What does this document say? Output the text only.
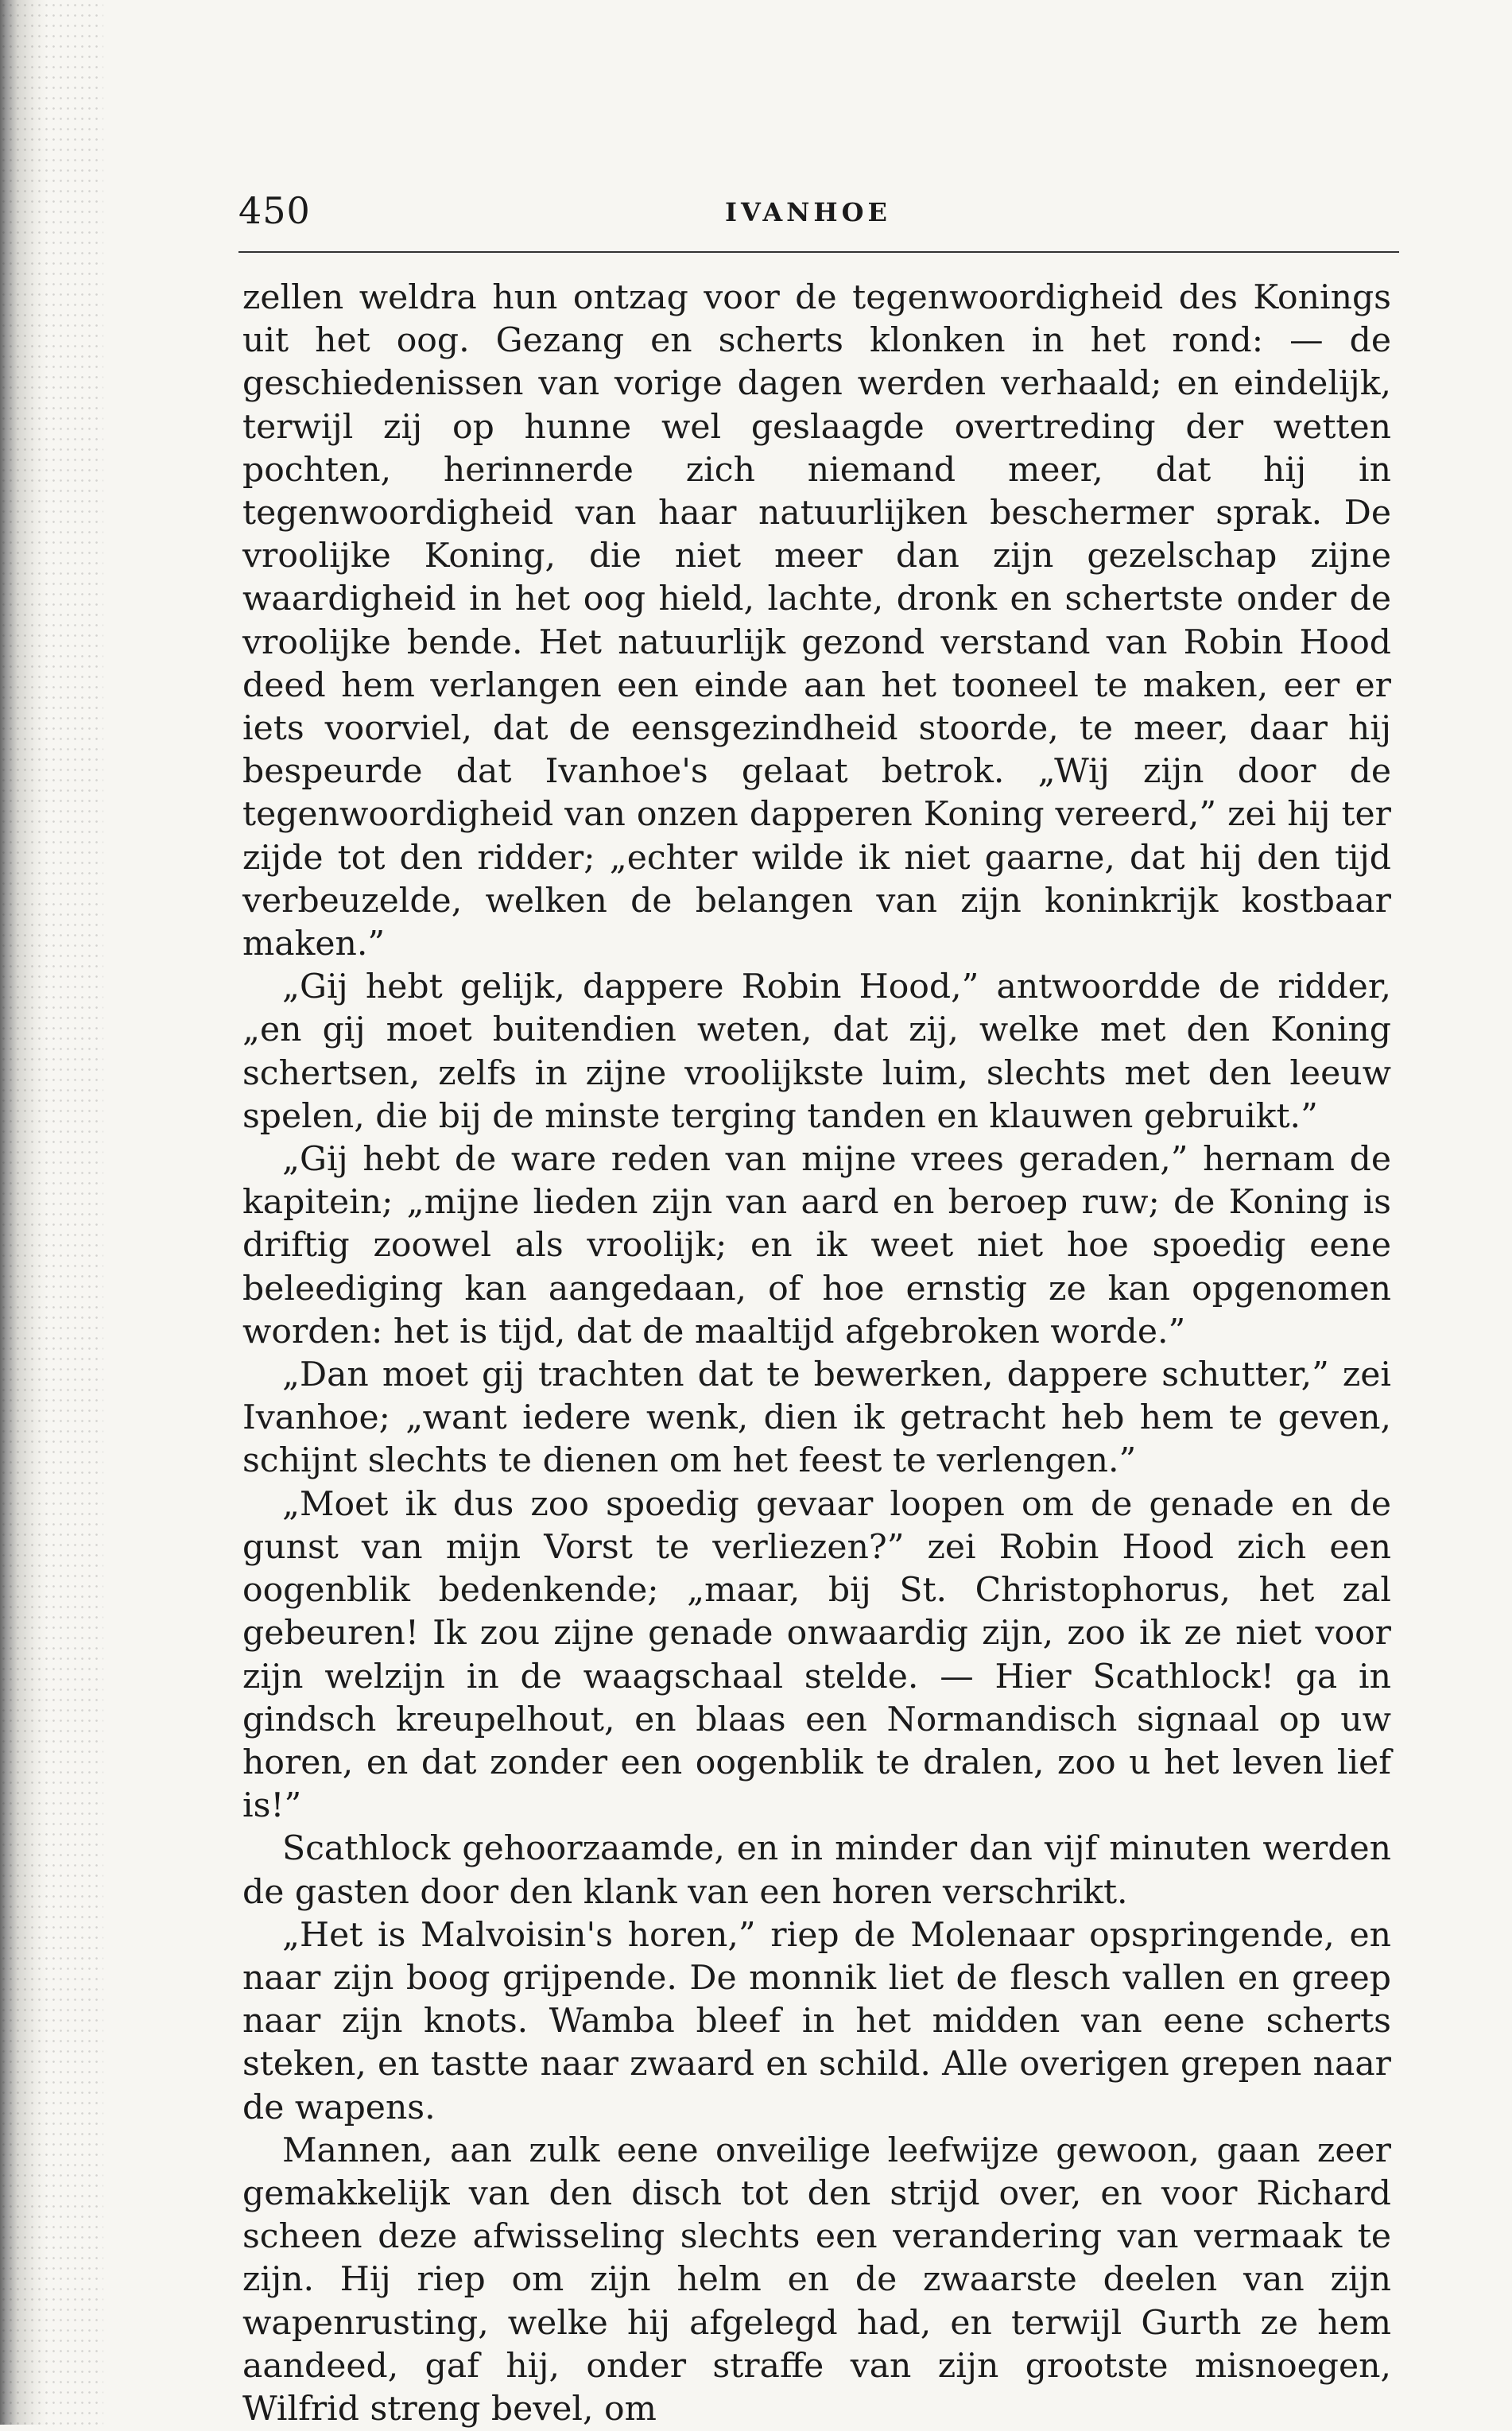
450	IVANHOE

zellen weldra hun ontzag voor de tegenwoordigheid des Konings uit het oog. Gezang en scherts klonken in het rond: — de geschiedenissen van vorige dagen werden verhaald; en eindelijk, terwijl zij op hunne wel geslaagde overtreding der wetten pochten, herinnerde zich niemand meer, dat hij in tegenwoordigheid van haar natuurlijken beschermer sprak. De vroolijke Koning, die niet meer dan zijn gezelschap zijne waardigheid in het oog hield, lachte, dronk en schertste onder de vroolijke bende. Het natuurlijk gezond verstand van Robin Hood deed hem verlangen een einde aan het tooneel te maken, eer er iets voorviel, dat de eensgezindheid stoorde, te meer, daar hij bespeurde dat Ivanhoe's gelaat betrok. „Wij zijn door de tegenwoordigheid van onzen dapperen Koning vereerd,” zei hij ter zijde tot den ridder; „echter wilde ik niet gaarne, dat hij den tijd verbeuzelde, welken de belangen van zijn koninkrijk kostbaar maken.”

„Gij hebt gelijk, dappere Robin Hood,” antwoordde de ridder, „en gij moet buitendien weten, dat zij, welke met den Koning schertsen, zelfs in zijne vroolijkste luim, slechts met den leeuw spelen, die bij de minste terging tanden en klauwen gebruikt.”

„Gij hebt de ware reden van mijne vrees geraden,” hernam de kapitein; „mijne lieden zijn van aard en beroep ruw; de Koning is driftig zoowel als vroolijk; en ik weet niet hoe spoedig eene beleediging kan aangedaan, of hoe ernstig ze kan opgenomen worden: het is tijd, dat de maaltijd afgebroken worde.”

„Dan moet gij trachten dat te bewerken, dappere schutter,” zei Ivanhoe; „want iedere wenk, dien ik getracht heb hem te geven, schijnt slechts te dienen om het feest te verlengen.”

„Moet ik dus zoo spoedig gevaar loopen om de genade en de gunst van mijn Vorst te verliezen?” zei Robin Hood zich een oogenblik bedenkende; „maar, bij St. Christophorus, het zal gebeuren! Ik zou zijne genade onwaardig zijn, zoo ik ze niet voor zijn welzijn in de waagschaal stelde. — Hier Scathlock! ga in gindsch kreupelhout, en blaas een Normandisch signaal op uw horen, en dat zonder een oogenblik te dralen, zoo u het leven lief is!”

Scathlock gehoorzaamde, en in minder dan vijf minuten werden de gasten door den klank van een horen verschrikt.

„Het is Malvoisin's horen,” riep de Molenaar opspringende, en naar zijn boog grijpende. De monnik liet de flesch vallen en greep naar zijn knots. Wamba bleef in het midden van eene scherts steken, en tastte naar zwaard en schild. Alle overigen grepen naar de wapens.

Mannen, aan zulk eene onveilige leefwijze gewoon, gaan zeer gemakkelijk van den disch tot den strijd over, en voor Richard scheen deze afwisseling slechts een verandering van vermaak te zijn. Hij riep om zijn helm en de zwaarste deelen van zijn wapenrusting, welke hij afgelegd had, en terwijl Gurth ze hem aandeed, gaf hij, onder straffe van zijn grootste misnoegen, Wilfrid streng bevel, om
